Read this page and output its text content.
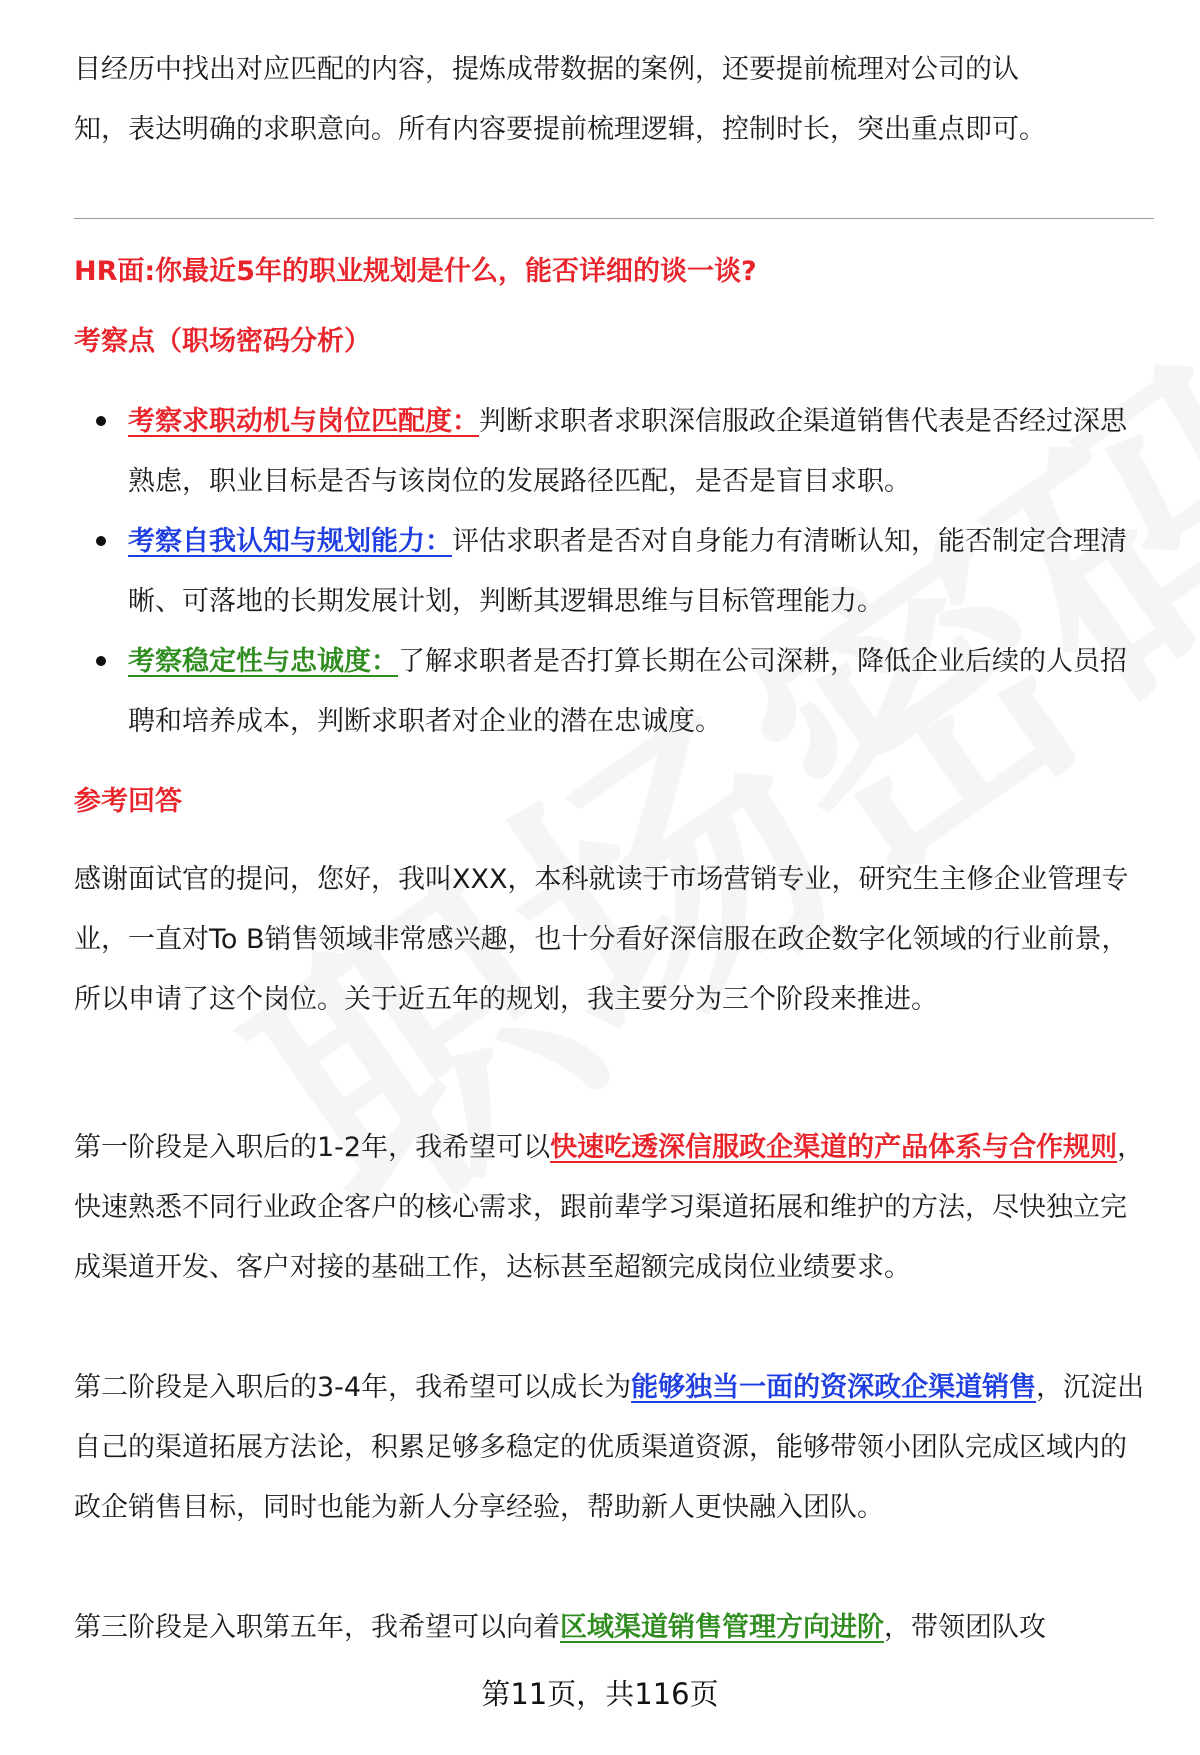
目经历中找出对应匹配的内容，提炼成带数据的案例，还要提前梳理对公司的认

知，表达明确的求职意向。所有内容要提前梳理逻辑，控制时长，突出重点即可。

HR面:你最近5年的职业规划是什么，能否详细的谈一谈?

考察点（职场密码分析）

考察求职动机与岗位匹配度：判断求职者求职深信服政企渠道销售代表是否经过深思熟虑，职业目标是否与该岗位的发展路径匹配，是否是盲目求职。
考察自我认知与规划能力：评估求职者是否对自身能力有清晰认知，能否制定合理清晰、可落地的长期发展计划，判断其逻辑思维与目标管理能力。
考察稳定性与忠诚度：了解求职者是否打算长期在公司深耕，降低企业后续的人员招聘和培养成本，判断求职者对企业的潜在忠诚度。

参考回答

感谢面试官的提问，您好，我叫XXX，本科就读于市场营销专业，研究生主修企业管理专业，一直对To B销售领域非常感兴趣，也十分看好深信服在政企数字化领域的行业前景，所以申请了这个岗位。关于近五年的规划，我主要分为三个阶段来推进。

第一阶段是入职后的1-2年，我希望可以快速吃透深信服政企渠道的产品体系与合作规则，快速熟悉不同行业政企客户的核心需求，跟前辈学习渠道拓展和维护的方法，尽快独立完成渠道开发、客户对接的基础工作，达标甚至超额完成岗位业绩要求。

第二阶段是入职后的3-4年，我希望可以成长为能够独当一面的资深政企渠道销售，沉淀出自己的渠道拓展方法论，积累足够多稳定的优质渠道资源，能够带领小团队完成区域内的政企销售目标，同时也能为新人分享经验，帮助新人更快融入团队。

第三阶段是入职第五年，我希望可以向着区域渠道销售管理方向进阶，带领团队攻

第11页，共116页
